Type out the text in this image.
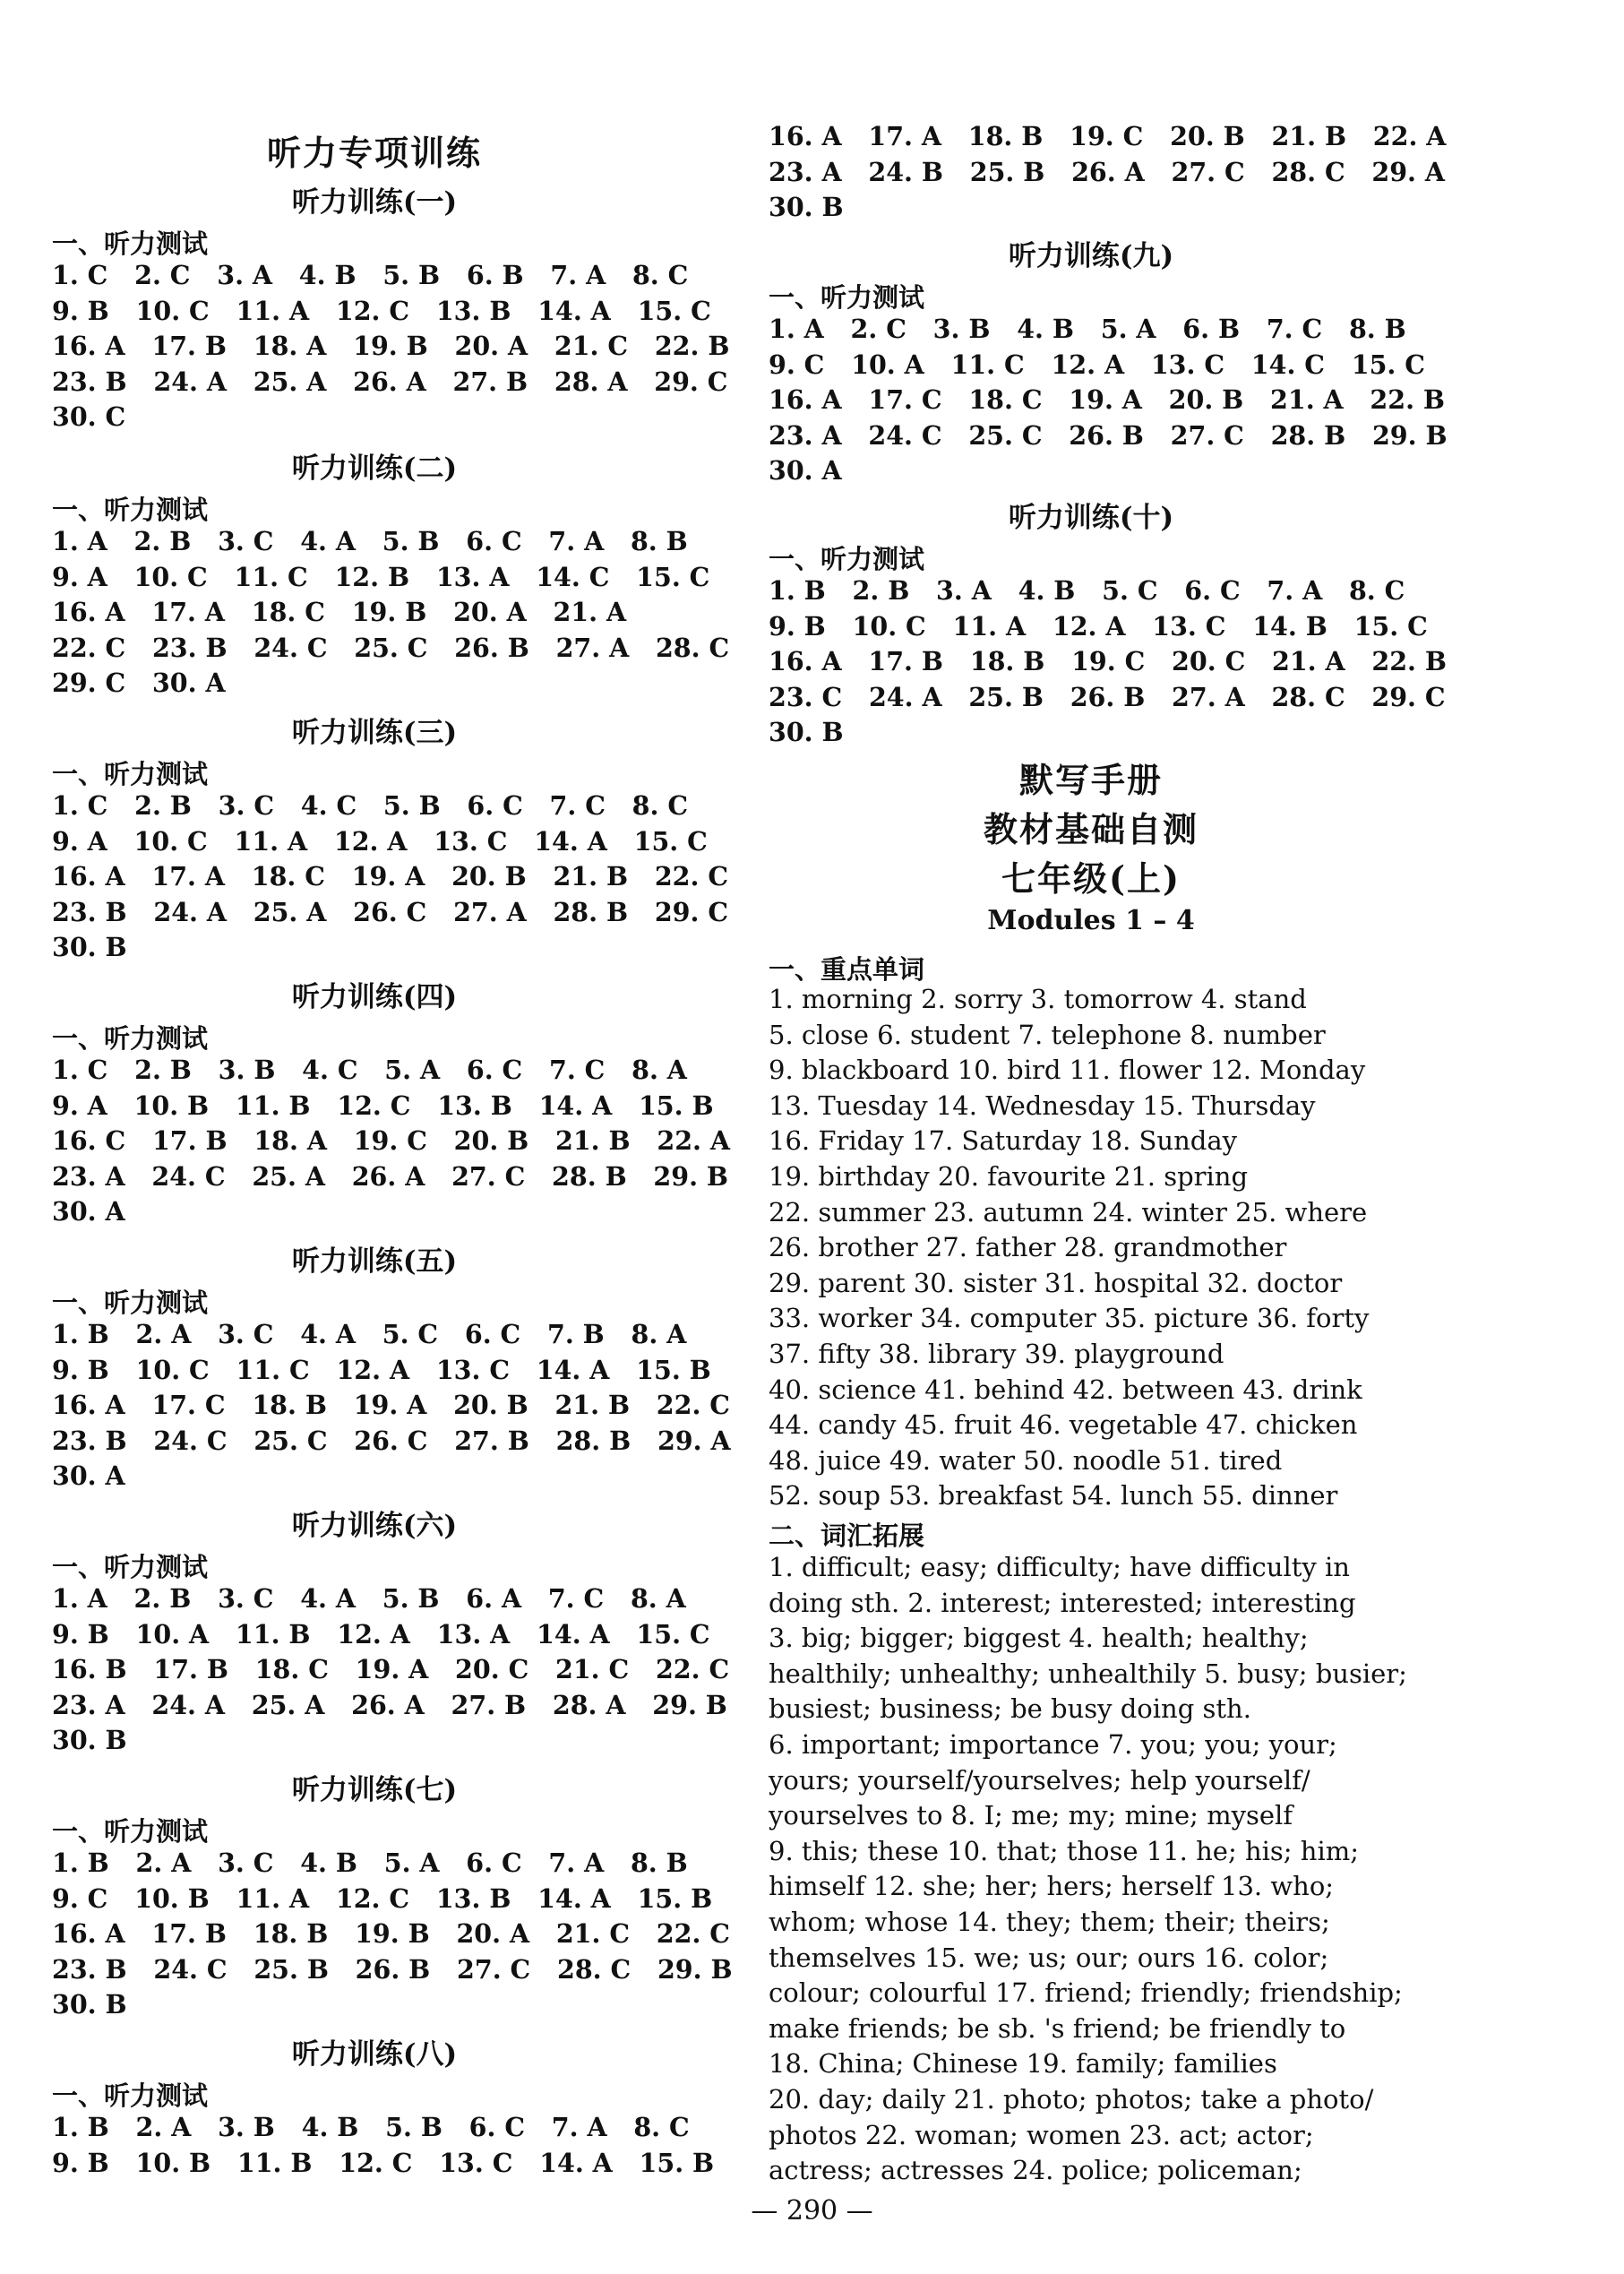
听力专项训练
听力训练(一)
一、听力测试
1. C   2. C   3. A   4. B   5. B   6. B   7. A   8. C
9. B   10. C   11. A   12. C   13. B   14. A   15. C
16. A   17. B   18. A   19. B   20. A   21. C   22. B
23. B   24. A   25. A   26. A   27. B   28. A   29. C
30. C
听力训练(二)
一、听力测试
1. A   2. B   3. C   4. A   5. B   6. C   7. A   8. B
9. A   10. C   11. C   12. B   13. A   14. C   15. C
16. A   17. A   18. C   19. B   20. A   21. A
22. C   23. B   24. C   25. C   26. B   27. A   28. C
29. C   30. A
听力训练(三)
一、听力测试
1. C   2. B   3. C   4. C   5. B   6. C   7. C   8. C
9. A   10. C   11. A   12. A   13. C   14. A   15. C
16. A   17. A   18. C   19. A   20. B   21. B   22. C
23. B   24. A   25. A   26. C   27. A   28. B   29. C
30. B
听力训练(四)
一、听力测试
1. C   2. B   3. B   4. C   5. A   6. C   7. C   8. A
9. A   10. B   11. B   12. C   13. B   14. A   15. B
16. C   17. B   18. A   19. C   20. B   21. B   22. A
23. A   24. C   25. A   26. A   27. C   28. B   29. B
30. A
听力训练(五)
一、听力测试
1. B   2. A   3. C   4. A   5. C   6. C   7. B   8. A
9. B   10. C   11. C   12. A   13. C   14. A   15. B
16. A   17. C   18. B   19. A   20. B   21. B   22. C
23. B   24. C   25. C   26. C   27. B   28. B   29. A
30. A
听力训练(六)
一、听力测试
1. A   2. B   3. C   4. A   5. B   6. A   7. C   8. A
9. B   10. A   11. B   12. A   13. A   14. A   15. C
16. B   17. B   18. C   19. A   20. C   21. C   22. C
23. A   24. A   25. A   26. A   27. B   28. A   29. B
30. B
听力训练(七)
一、听力测试
1. B   2. A   3. C   4. B   5. A   6. C   7. A   8. B
9. C   10. B   11. A   12. C   13. B   14. A   15. B
16. A   17. B   18. B   19. B   20. A   21. C   22. C
23. B   24. C   25. B   26. B   27. C   28. C   29. B
30. B
听力训练(八)
一、听力测试
1. B   2. A   3. B   4. B   5. B   6. C   7. A   8. C
9. B   10. B   11. B   12. C   13. C   14. A   15. B
16. A   17. A   18. B   19. C   20. B   21. B   22. A
23. A   24. B   25. B   26. A   27. C   28. C   29. A
30. B
听力训练(九)
一、听力测试
1. A   2. C   3. B   4. B   5. A   6. B   7. C   8. B
9. C   10. A   11. C   12. A   13. C   14. C   15. C
16. A   17. C   18. C   19. A   20. B   21. A   22. B
23. A   24. C   25. C   26. B   27. C   28. B   29. B
30. A
听力训练(十)
一、听力测试
1. B   2. B   3. A   4. B   5. C   6. C   7. A   8. C
9. B   10. C   11. A   12. A   13. C   14. B   15. C
16. A   17. B   18. B   19. C   20. C   21. A   22. B
23. C   24. A   25. B   26. B   27. A   28. C   29. C
30. B
默写手册
教材基础自测
七年级(上)
Modules 1 – 4
一、重点单词
1. morning 2. sorry 3. tomorrow 4. stand
5. close 6. student 7. telephone 8. number
9. blackboard 10. bird 11. flower 12. Monday
13. Tuesday 14. Wednesday 15. Thursday
16. Friday 17. Saturday 18. Sunday
19. birthday 20. favourite 21. spring
22. summer 23. autumn 24. winter 25. where
26. brother 27. father 28. grandmother
29. parent 30. sister 31. hospital 32. doctor
33. worker 34. computer 35. picture 36. forty
37. fifty 38. library 39. playground
40. science 41. behind 42. between 43. drink
44. candy 45. fruit 46. vegetable 47. chicken
48. juice 49. water 50. noodle 51. tired
52. soup 53. breakfast 54. lunch 55. dinner
二、词汇拓展
1. difficult; easy; difficulty; have difficulty in
doing sth. 2. interest; interested; interesting
3. big; bigger; biggest 4. health; healthy;
healthily; unhealthy; unhealthily 5. busy; busier;
busiest; business; be busy doing sth.
6. important; importance 7. you; you; your;
yours; yourself/yourselves; help yourself/
yourselves to 8. I; me; my; mine; myself
9. this; these 10. that; those 11. he; his; him;
himself 12. she; her; hers; herself 13. who;
whom; whose 14. they; them; their; theirs;
themselves 15. we; us; our; ours 16. color;
colour; colourful 17. friend; friendly; friendship;
make friends; be sb. 's friend; be friendly to
18. China; Chinese 19. family; families
20. day; daily 21. photo; photos; take a photo/
photos 22. woman; women 23. act; actor;
actress; actresses 24. police; policeman;
— 290 —
